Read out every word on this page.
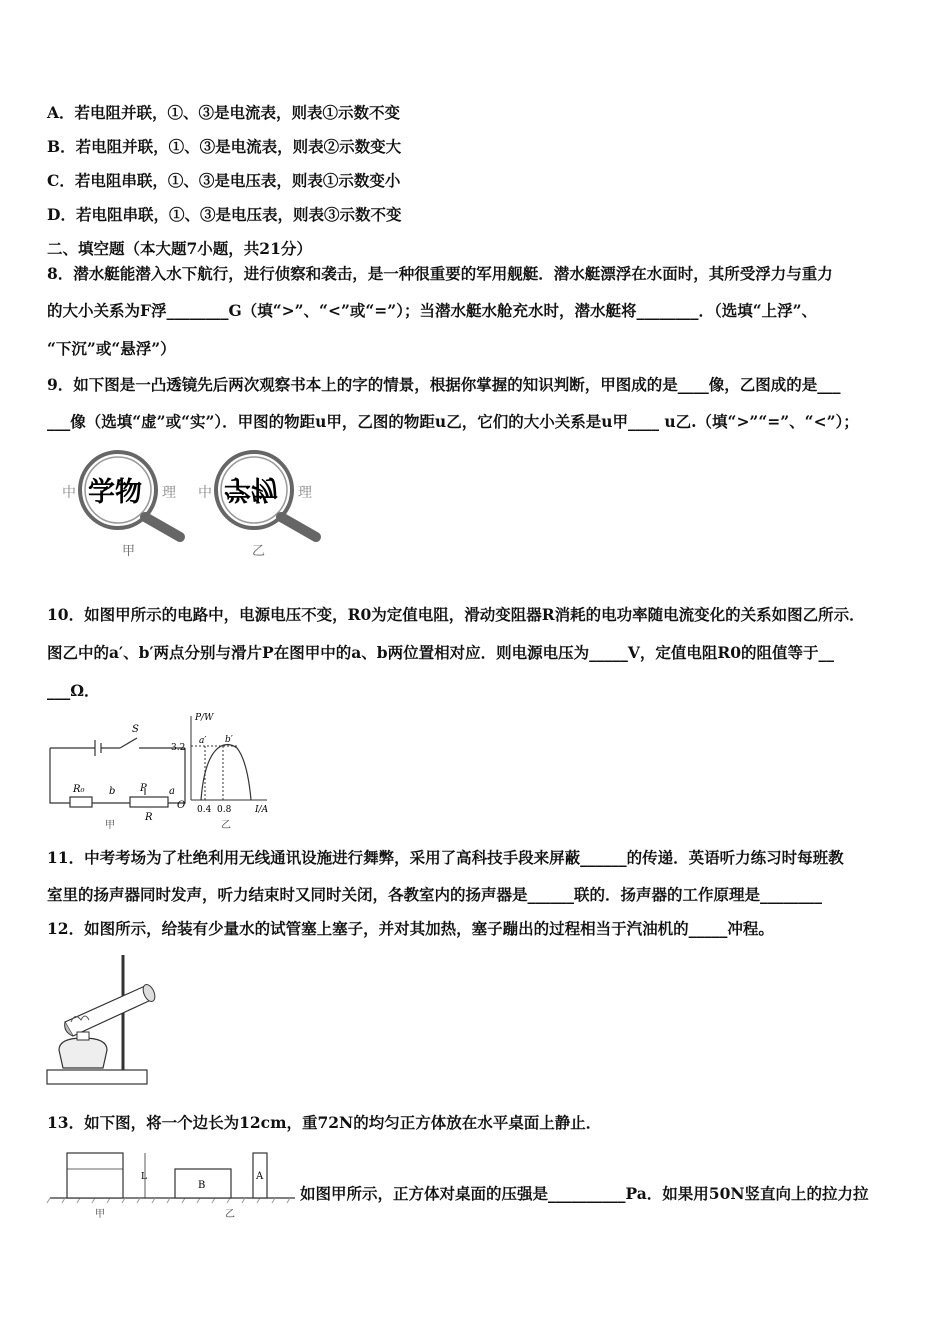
A．若电阻并联，①、③是电流表，则表①示数不变
B．若电阻并联，①、③是电流表，则表②示数变大
C．若电阻串联，①、③是电压表，则表①示数变小
D．若电阻串联，①、③是电压表，则表③示数不变
二、填空题（本大题7小题，共21分）
8．潜水艇能潜入水下航行，进行侦察和袭击，是一种很重要的军用舰艇．潜水艇漂浮在水面时，其所受浮力与重力
的大小关系为F浮________G（填“>”、“<”或“=”）；当潜水艇水舱充水时，潜水艇将________．（选填“上浮”、
“下沉”或“悬浮”）
9．如下图是一凸透镜先后两次观察书本上的字的情景，根据你掌握的知识判断，甲图成的是____像，乙图成的是___
___像（选填“虚”或“实”）．甲图的物距u甲，乙图的物距u乙，它们的大小关系是u甲____ u乙.（填“>”“=”、“<”）；
中 学物 理
甲
中 学物 理
乙
10．如图甲所示的电路中，电源电压不变，R0为定值电阻，滑动变阻器R消耗的电功率随电流变化的关系如图乙所示．
图乙中的a′、b′两点分别与滑片P在图甲中的a、b两位置相对应．则电源电压为_____V，定值电阻R0的阻值等于__
___Ω．
S
R₀ b P a
R
甲
P/W
3.2
a′ b′
O 0.4 0.8	I/A
乙
11．中考考场为了杜绝利用无线通讯设施进行舞弊，采用了高科技手段来屏蔽______的传递．英语听力练习时每班教
室里的扬声器同时发声，听力结束时又同时关闭，各教室内的扬声器是______联的．扬声器的工作原理是________
12．如图所示，给装有少量水的试管塞上塞子，并对其加热，塞子蹦出的过程相当于汽油机的_____冲程。
13．如下图，将一个边长为12cm，重72N的均匀正方体放在水平桌面上静止．
L
B
A
甲	乙
如图甲所示，正方体对桌面的压强是__________Pa．如果用50N竖直向上的拉力拉
